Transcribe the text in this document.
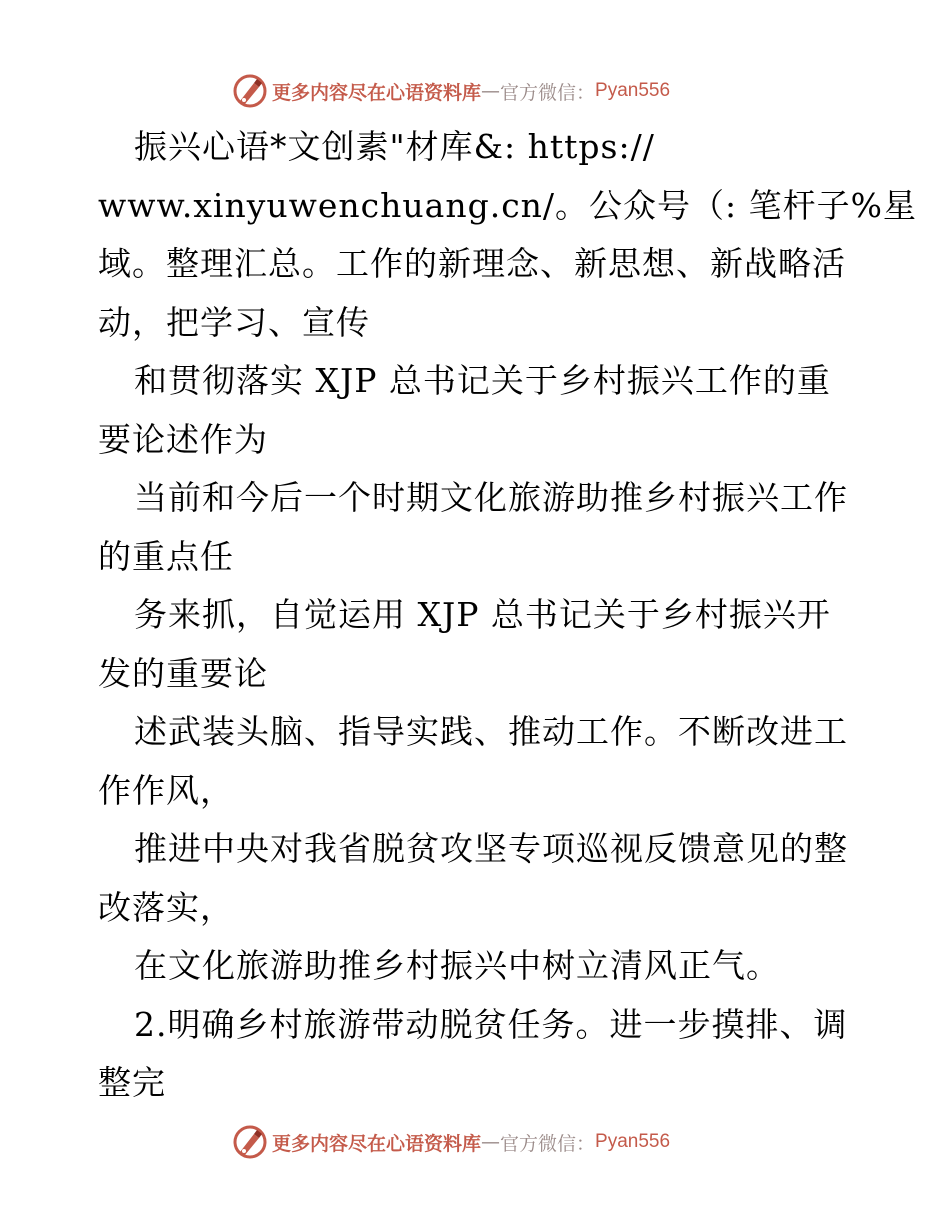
更多内容尽在心语资料库 — 官方微信： Pyan556
振兴心语*文创素"材库&: https://
www.xinyuwenchuang.cn/。公众号（: 笔杆子%星
域。整理汇总。工作的新理念、新思想、新战略活
动，把学习、宣传
和贯彻落实 XJP 总书记关于乡村振兴工作的重
要论述作为
当前和今后一个时期文化旅游助推乡村振兴工作
的重点任
务来抓，自觉运用 XJP 总书记关于乡村振兴开
发的重要论
述武装头脑、指导实践、推动工作。不断改进工
作作风，
推进中央对我省脱贫攻坚专项巡视反馈意见的整
改落实，
在文化旅游助推乡村振兴中树立清风正气。
2.明确乡村旅游带动脱贫任务。进一步摸排、调
整完
更多内容尽在心语资料库 — 官方微信： Pyan556
